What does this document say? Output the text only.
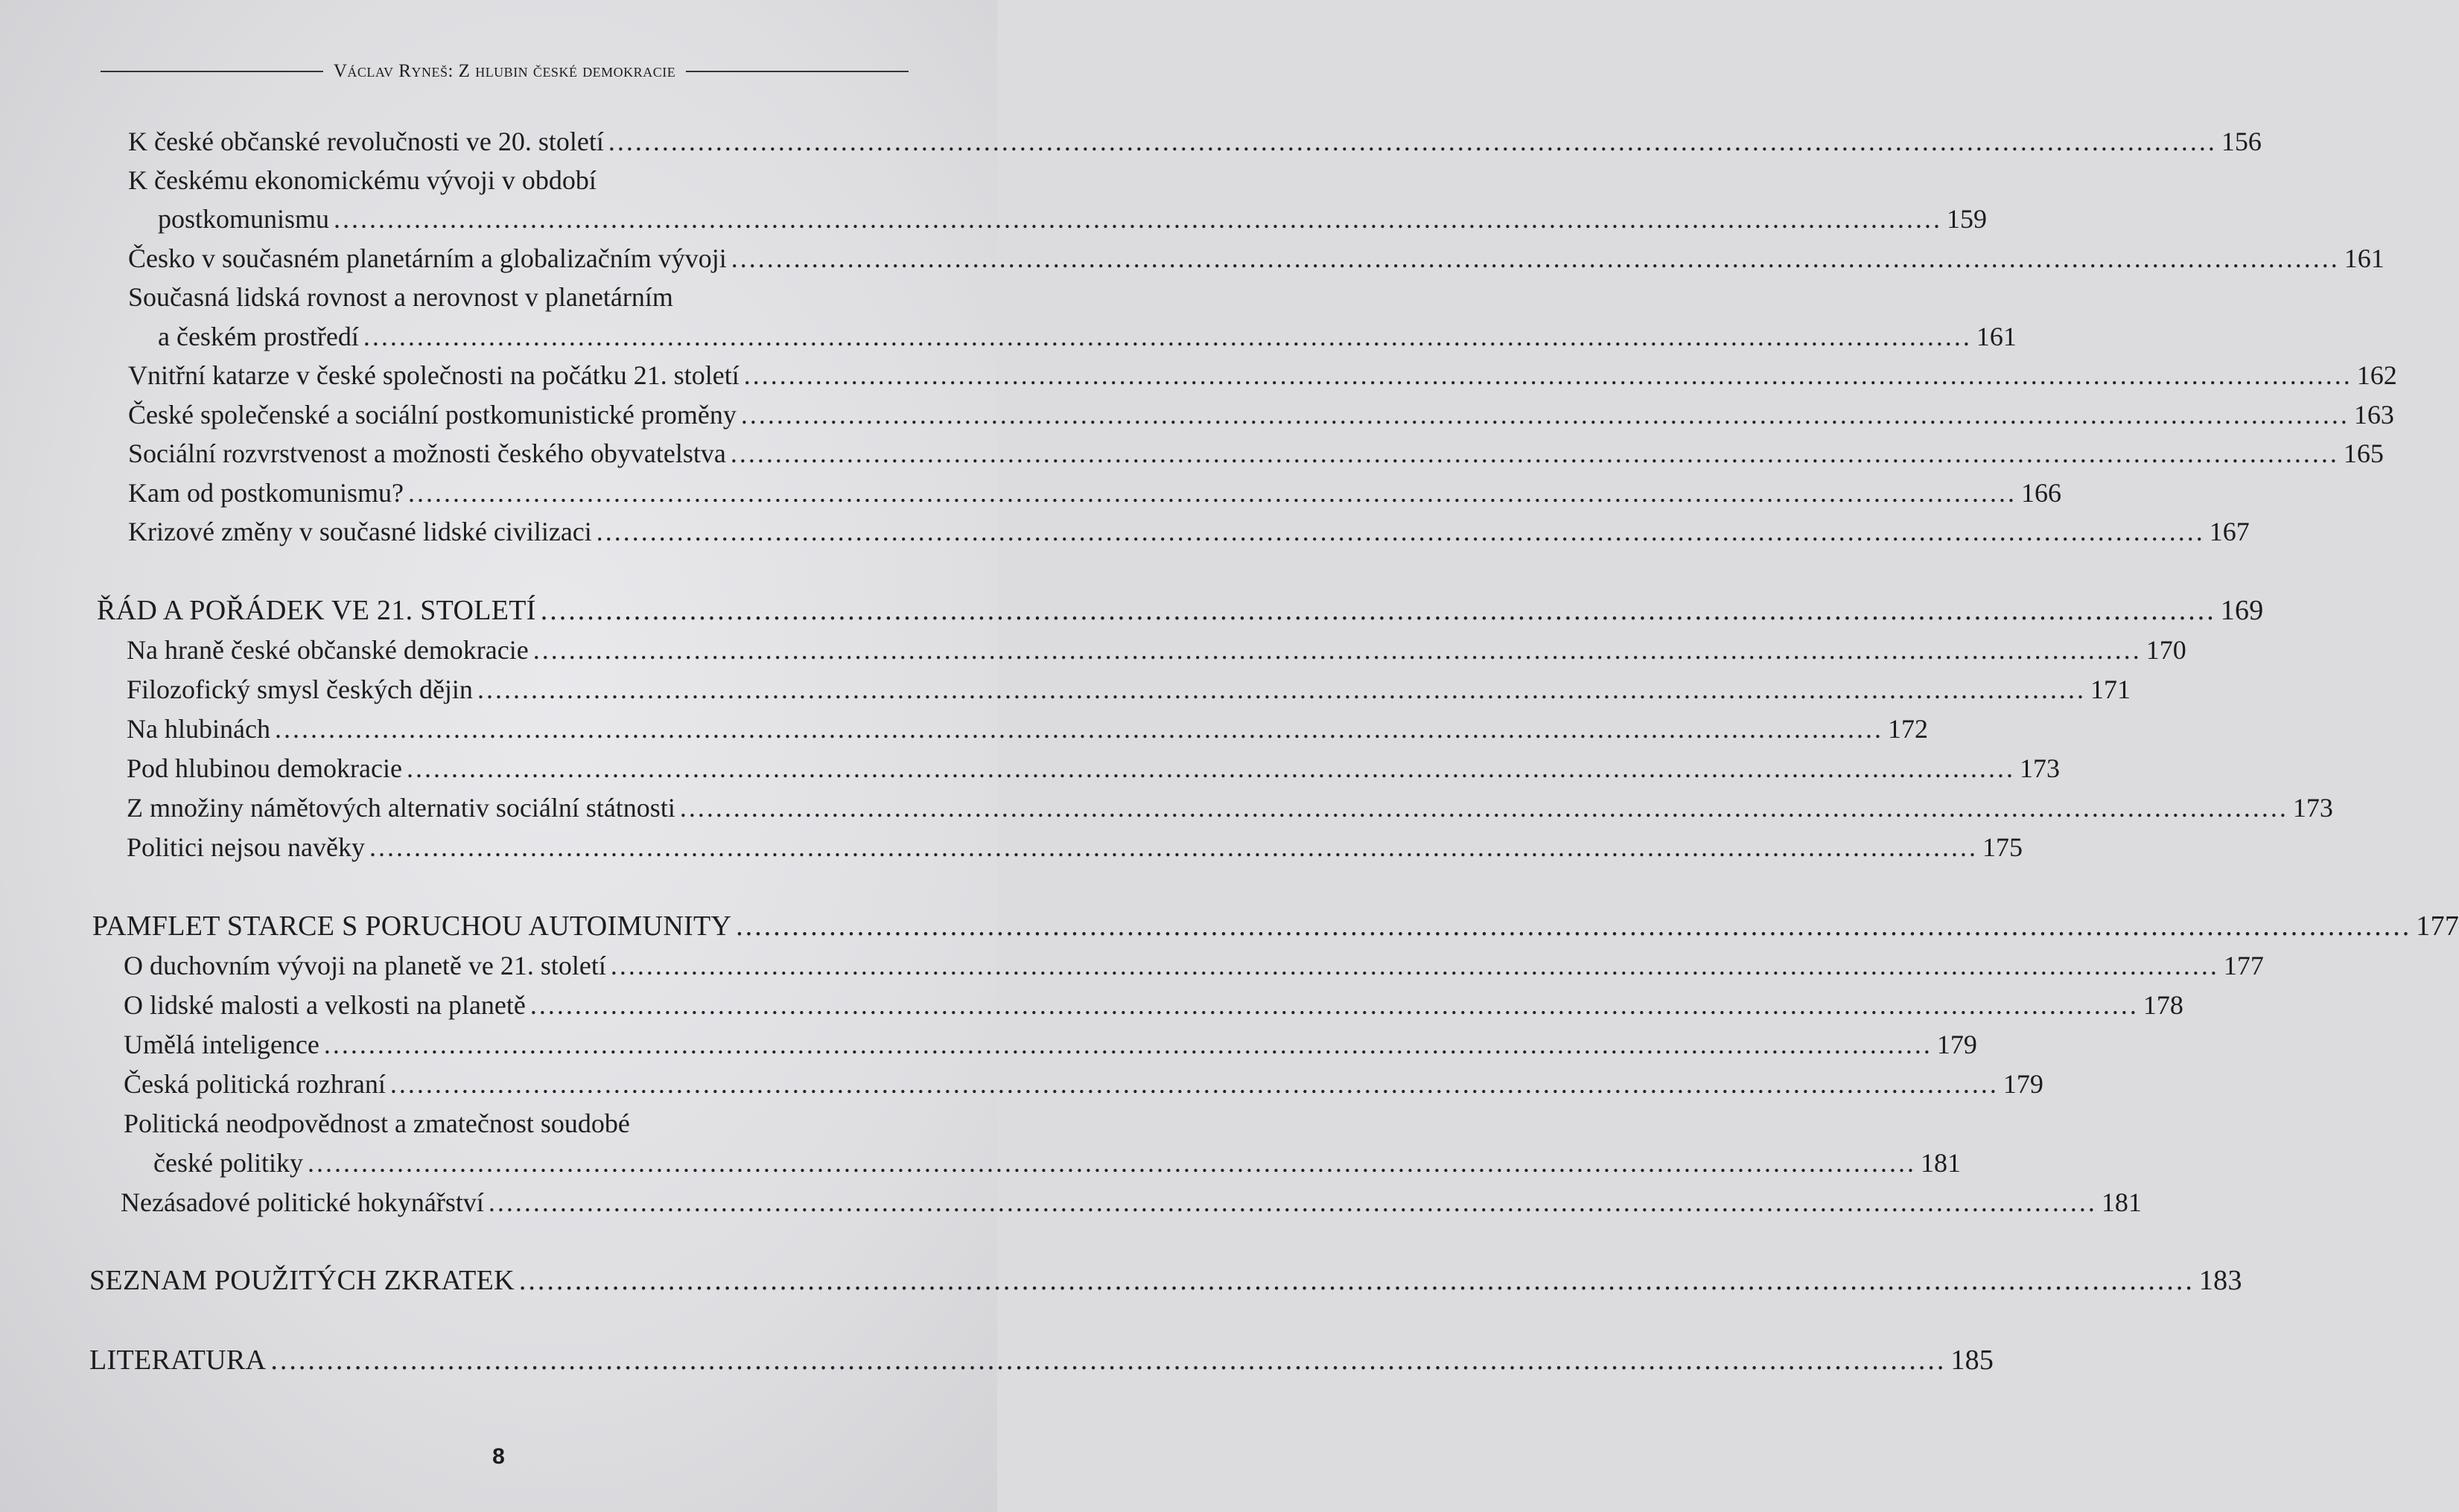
Václav Ryneš: Z hlubin české demokracie
K české občanské revolučnosti ve 20. století .................................................................................................................................................................................... 156
K českému ekonomickému vývoji v období
postkomunismu .................................................................................................................................................................................... 159
Česko v současném planetárním a globalizačním vývoji .................................................................................................................................................................................... 161
Současná lidská rovnost a nerovnost v planetárním
a českém prostředí .................................................................................................................................................................................... 161
Vnitřní katarze v české společnosti na počátku 21. století .................................................................................................................................................................................... 162
České společenské a sociální postkomunistické proměny .................................................................................................................................................................................... 163
Sociální rozvrstvenost a možnosti českého obyvatelstva .................................................................................................................................................................................... 165
Kam od postkomunismu? .................................................................................................................................................................................... 166
Krizové změny v současné lidské civilizaci .................................................................................................................................................................................... 167
ŘÁD A POŘÁDEK VE 21. STOLETÍ .................................................................................................................................................................................... 169
Na hraně české občanské demokracie .................................................................................................................................................................................... 170
Filozofický smysl českých dějin .................................................................................................................................................................................... 171
Na hlubinách .................................................................................................................................................................................... 172
Pod hlubinou demokracie .................................................................................................................................................................................... 173
Z množiny námětových alternativ sociální státnosti .................................................................................................................................................................................... 173
Politici nejsou navěky .................................................................................................................................................................................... 175
PAMFLET STARCE S PORUCHOU AUTOIMUNITY .................................................................................................................................................................................... 177
O duchovním vývoji na planetě ve 21. století .................................................................................................................................................................................... 177
O lidské malosti a velkosti na planetě .................................................................................................................................................................................... 178
Umělá inteligence .................................................................................................................................................................................... 179
Česká politická rozhraní .................................................................................................................................................................................... 179
Politická neodpovědnost a zmatečnost soudobé
české politiky .................................................................................................................................................................................... 181
Nezásadové politické hokynářství .................................................................................................................................................................................... 181
SEZNAM POUŽITÝCH ZKRATEK .................................................................................................................................................................................... 183
LITERATURA .................................................................................................................................................................................... 185
8
